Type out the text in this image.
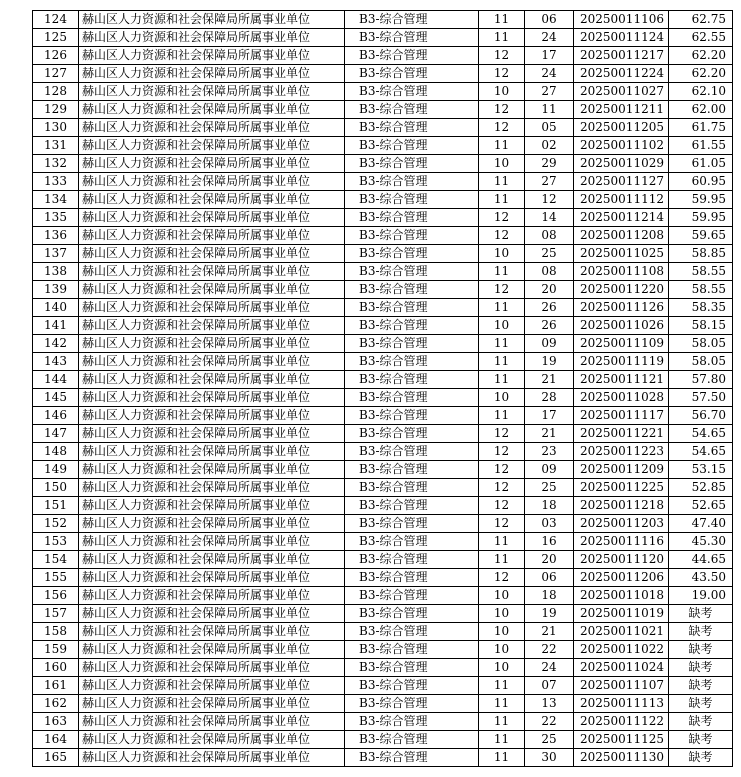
124	赫山区人力资源和社会保障局所属事业单位	B3-综合管理	11	06	20250011106	62.75
125	赫山区人力资源和社会保障局所属事业单位	B3-综合管理	11	24	20250011124	62.55
126	赫山区人力资源和社会保障局所属事业单位	B3-综合管理	12	17	20250011217	62.20
127	赫山区人力资源和社会保障局所属事业单位	B3-综合管理	12	24	20250011224	62.20
128	赫山区人力资源和社会保障局所属事业单位	B3-综合管理	10	27	20250011027	62.10
129	赫山区人力资源和社会保障局所属事业单位	B3-综合管理	12	11	20250011211	62.00
130	赫山区人力资源和社会保障局所属事业单位	B3-综合管理	12	05	20250011205	61.75
131	赫山区人力资源和社会保障局所属事业单位	B3-综合管理	11	02	20250011102	61.55
132	赫山区人力资源和社会保障局所属事业单位	B3-综合管理	10	29	20250011029	61.05
133	赫山区人力资源和社会保障局所属事业单位	B3-综合管理	11	27	20250011127	60.95
134	赫山区人力资源和社会保障局所属事业单位	B3-综合管理	11	12	20250011112	59.95
135	赫山区人力资源和社会保障局所属事业单位	B3-综合管理	12	14	20250011214	59.95
136	赫山区人力资源和社会保障局所属事业单位	B3-综合管理	12	08	20250011208	59.65
137	赫山区人力资源和社会保障局所属事业单位	B3-综合管理	10	25	20250011025	58.85
138	赫山区人力资源和社会保障局所属事业单位	B3-综合管理	11	08	20250011108	58.55
139	赫山区人力资源和社会保障局所属事业单位	B3-综合管理	12	20	20250011220	58.55
140	赫山区人力资源和社会保障局所属事业单位	B3-综合管理	11	26	20250011126	58.35
141	赫山区人力资源和社会保障局所属事业单位	B3-综合管理	10	26	20250011026	58.15
142	赫山区人力资源和社会保障局所属事业单位	B3-综合管理	11	09	20250011109	58.05
143	赫山区人力资源和社会保障局所属事业单位	B3-综合管理	11	19	20250011119	58.05
144	赫山区人力资源和社会保障局所属事业单位	B3-综合管理	11	21	20250011121	57.80
145	赫山区人力资源和社会保障局所属事业单位	B3-综合管理	10	28	20250011028	57.50
146	赫山区人力资源和社会保障局所属事业单位	B3-综合管理	11	17	20250011117	56.70
147	赫山区人力资源和社会保障局所属事业单位	B3-综合管理	12	21	20250011221	54.65
148	赫山区人力资源和社会保障局所属事业单位	B3-综合管理	12	23	20250011223	54.65
149	赫山区人力资源和社会保障局所属事业单位	B3-综合管理	12	09	20250011209	53.15
150	赫山区人力资源和社会保障局所属事业单位	B3-综合管理	12	25	20250011225	52.85
151	赫山区人力资源和社会保障局所属事业单位	B3-综合管理	12	18	20250011218	52.65
152	赫山区人力资源和社会保障局所属事业单位	B3-综合管理	12	03	20250011203	47.40
153	赫山区人力资源和社会保障局所属事业单位	B3-综合管理	11	16	20250011116	45.30
154	赫山区人力资源和社会保障局所属事业单位	B3-综合管理	11	20	20250011120	44.65
155	赫山区人力资源和社会保障局所属事业单位	B3-综合管理	12	06	20250011206	43.50
156	赫山区人力资源和社会保障局所属事业单位	B3-综合管理	10	18	20250011018	19.00
157	赫山区人力资源和社会保障局所属事业单位	B3-综合管理	10	19	20250011019	缺考
158	赫山区人力资源和社会保障局所属事业单位	B3-综合管理	10	21	20250011021	缺考
159	赫山区人力资源和社会保障局所属事业单位	B3-综合管理	10	22	20250011022	缺考
160	赫山区人力资源和社会保障局所属事业单位	B3-综合管理	10	24	20250011024	缺考
161	赫山区人力资源和社会保障局所属事业单位	B3-综合管理	11	07	20250011107	缺考
162	赫山区人力资源和社会保障局所属事业单位	B3-综合管理	11	13	20250011113	缺考
163	赫山区人力资源和社会保障局所属事业单位	B3-综合管理	11	22	20250011122	缺考
164	赫山区人力资源和社会保障局所属事业单位	B3-综合管理	11	25	20250011125	缺考
165	赫山区人力资源和社会保障局所属事业单位	B3-综合管理	11	30	20250011130	缺考
